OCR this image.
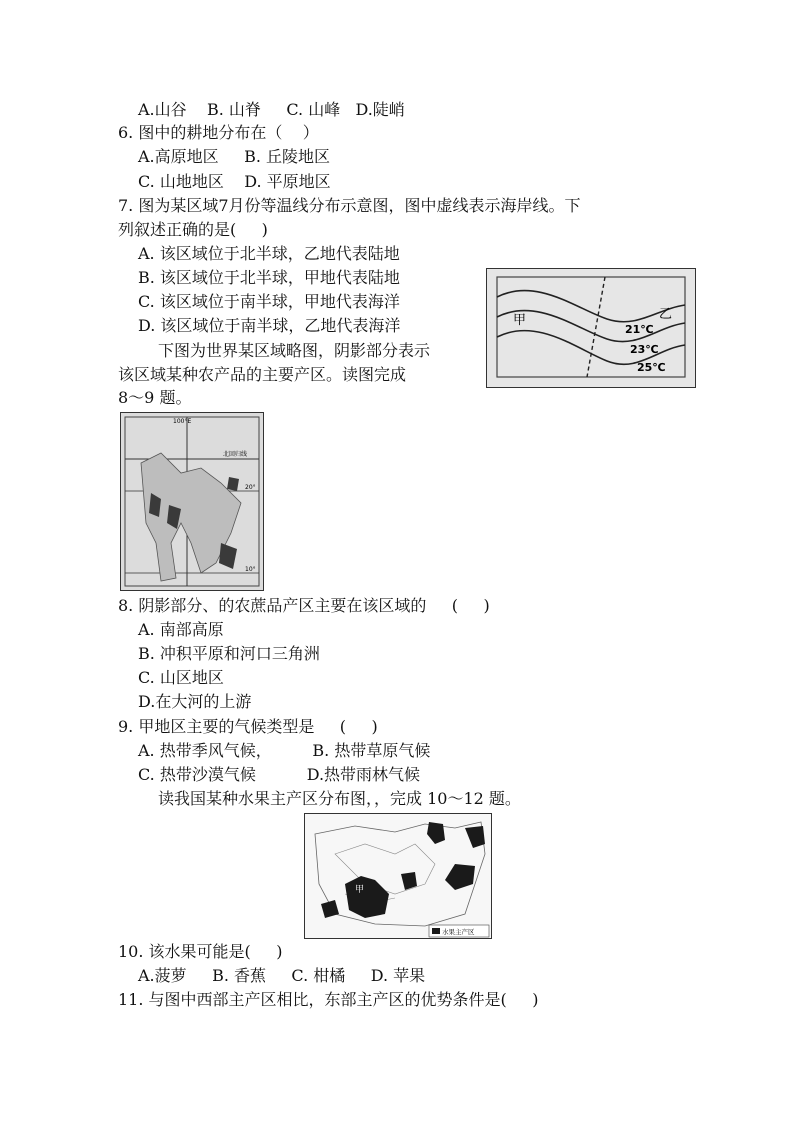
A.山谷    B. 山脊     C. 山峰   D.陡峭
6. 图中的耕地分布在（    ）
A.高原地区     B. 丘陵地区
C. 山地地区    D. 平原地区
7. 图为某区域7月份等温线分布示意图，图中虚线表示海岸线。下
列叙述正确的是(     )
A. 该区域位于北半球，乙地代表陆地
B. 该区域位于北半球，甲地代表陆地
C. 该区域位于南半球，甲地代表海洋
D. 该区域位于南半球，乙地代表海洋
下图为世界某区域略图，阴影部分表示
该区域某种农产品的主要产区。读图完成
8～9 题。
甲	乙
21℃
23℃
25℃
100°E
北回归线
20°
10°
8. 阴影部分、的农蔗品产区主要在该区域的     (     )
A. 南部高原
B. 冲积平原和河口三角洲
C. 山区地区
D.在大河的上游
9. 甲地区主要的气候类型是     (     )
A. 热带季风气候，        B. 热带草原气候
C. 热带沙漠气候          D.热带雨林气候
读我国某种水果主产区分布图，，完成 10～12 题。
甲
水果主产区
10. 该水果可能是(     )
A.菠萝     B. 香蕉     C. 柑橘     D. 苹果
11. 与图中西部主产区相比，东部主产区的优势条件是(     )
